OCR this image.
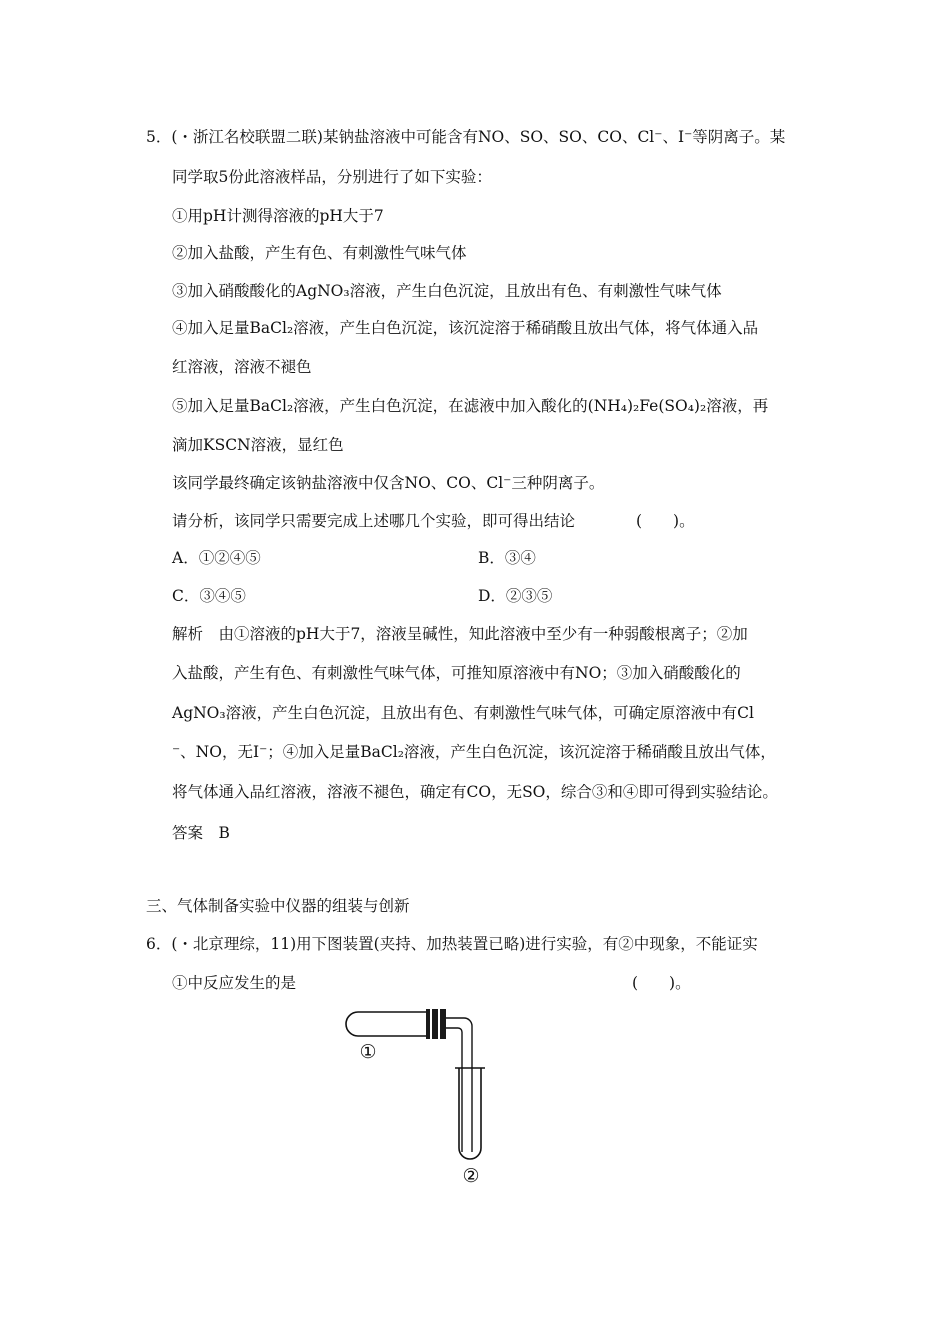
5．(・浙江名校联盟二联)某钠盐溶液中可能含有NO、SO、SO、CO、Cl⁻、I⁻等阴离子。某
同学取5份此溶液样品，分别进行了如下实验：
①用pH计测得溶液的pH大于7
②加入盐酸，产生有色、有刺激性气味气体
③加入硝酸酸化的AgNO₃溶液，产生白色沉淀，且放出有色、有刺激性气味气体
④加入足量BaCl₂溶液，产生白色沉淀，该沉淀溶于稀硝酸且放出气体，将气体通入品
红溶液，溶液不褪色
⑤加入足量BaCl₂溶液，产生白色沉淀，在滤液中加入酸化的(NH₄)₂Fe(SO₄)₂溶液，再
滴加KSCN溶液，显红色
该同学最终确定该钠盐溶液中仅含NO、CO、Cl⁻三种阴离子。
请分析，该同学只需要完成上述哪几个实验，即可得出结论	(　　)。
A．①②④⑤	B．③④
C．③④⑤	D．②③⑤
解析　由①溶液的pH大于7，溶液呈碱性，知此溶液中至少有一种弱酸根离子；②加
入盐酸，产生有色、有刺激性气味气体，可推知原溶液中有NO；③加入硝酸酸化的
AgNO₃溶液，产生白色沉淀，且放出有色、有刺激性气味气体，可确定原溶液中有Cl
⁻、NO，无I⁻；④加入足量BaCl₂溶液，产生白色沉淀，该沉淀溶于稀硝酸且放出气体，
将气体通入品红溶液，溶液不褪色，确定有CO，无SO，综合③和④即可得到实验结论。
答案　B
三、气体制备实验中仪器的组装与创新
6．(・北京理综，11)用下图装置(夹持、加热装置已略)进行实验，有②中现象，不能证实
①中反应发生的是	(　　)。
①
②
